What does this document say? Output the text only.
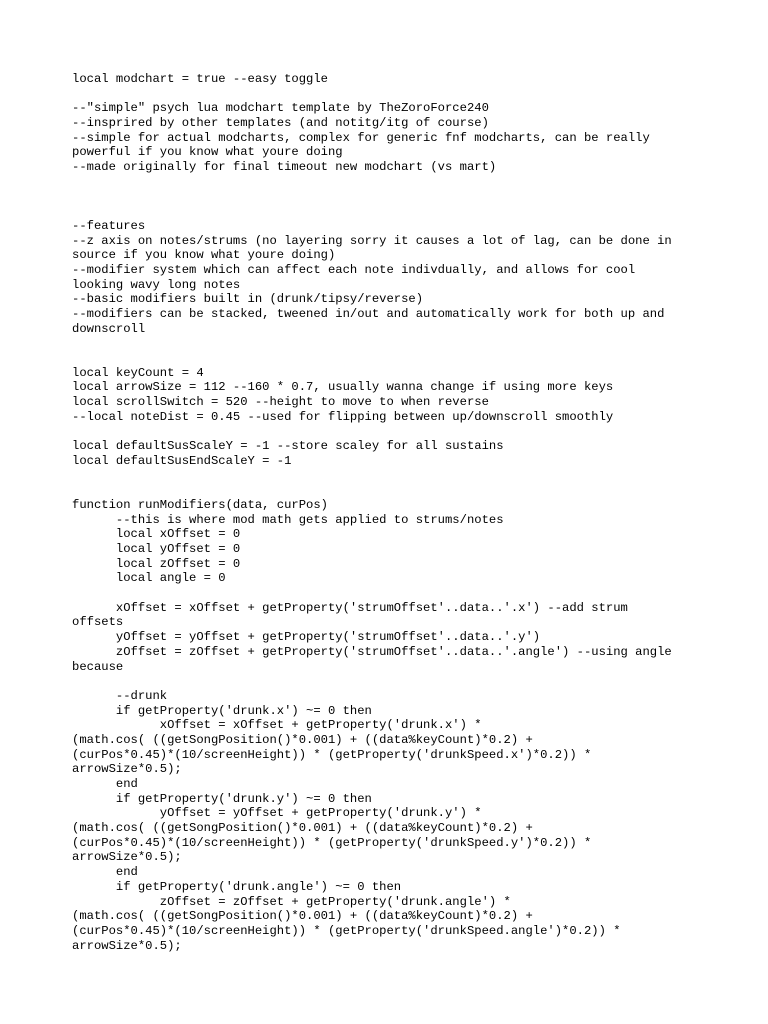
local modchart = true --easy toggle
--"simple" psych lua modchart template by TheZoroForce240
--insprired by other templates (and notitg/itg of course)
--simple for actual modcharts, complex for generic fnf modcharts, can be really
powerful if you know what youre doing
--made originally for final timeout new modchart (vs mart)
--features
--z axis on notes/strums (no layering sorry it causes a lot of lag, can be done in
source if you know what youre doing)
--modifier system which can affect each note indivdually, and allows for cool
looking wavy long notes
--basic modifiers built in (drunk/tipsy/reverse)
--modifiers can be stacked, tweened in/out and automatically work for both up and
downscroll
local keyCount = 4
local arrowSize = 112 --160 * 0.7, usually wanna change if using more keys
local scrollSwitch = 520 --height to move to when reverse
--local noteDist = 0.45 --used for flipping between up/downscroll smoothly
local defaultSusScaleY = -1 --store scaley for all sustains
local defaultSusEndScaleY = -1
function runModifiers(data, curPos)
--this is where mod math gets applied to strums/notes
local xOffset = 0
local yOffset = 0
local zOffset = 0
local angle = 0
xOffset = xOffset + getProperty('strumOffset'..data..'.x') --add strum
offsets
yOffset = yOffset + getProperty('strumOffset'..data..'.y')
zOffset = zOffset + getProperty('strumOffset'..data..'.angle') --using angle
because
--drunk
if getProperty('drunk.x') ~= 0 then
xOffset = xOffset + getProperty('drunk.x') *
(math.cos( ((getSongPosition()*0.001) + ((data%keyCount)*0.2) +
(curPos*0.45)*(10/screenHeight)) * (getProperty('drunkSpeed.x')*0.2)) *
arrowSize*0.5);
end
if getProperty('drunk.y') ~= 0 then
yOffset = yOffset + getProperty('drunk.y') *
(math.cos( ((getSongPosition()*0.001) + ((data%keyCount)*0.2) +
(curPos*0.45)*(10/screenHeight)) * (getProperty('drunkSpeed.y')*0.2)) *
arrowSize*0.5);
end
if getProperty('drunk.angle') ~= 0 then
zOffset = zOffset + getProperty('drunk.angle') *
(math.cos( ((getSongPosition()*0.001) + ((data%keyCount)*0.2) +
(curPos*0.45)*(10/screenHeight)) * (getProperty('drunkSpeed.angle')*0.2)) *
arrowSize*0.5);
